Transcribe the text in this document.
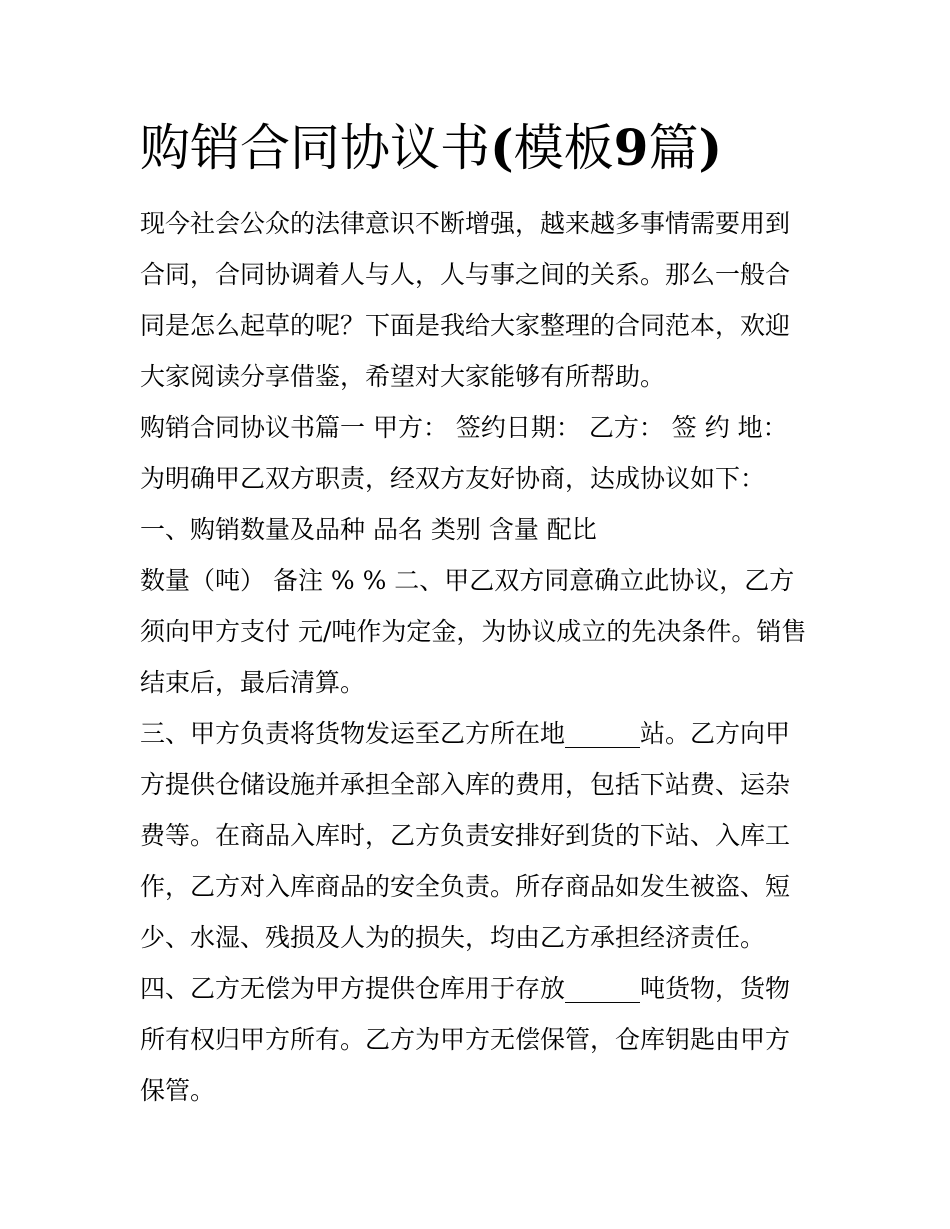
购销合同协议书(模板9篇)

现今社会公众的法律意识不断增强，越来越多事情需要用到合同，合同协调着人与人，人与事之间的关系。那么一般合同是怎么起草的呢？下面是我给大家整理的合同范本，欢迎大家阅读分享借鉴，希望对大家能够有所帮助。

购销合同协议书篇一 甲方： 签约日期： 乙方： 签 约 地： 为明确甲乙双方职责，经双方友好协商，达成协议如下： 一、购销数量及品种 品名 类别 含量 配比

数量（吨） 备注 % % 二、甲乙双方同意确立此协议，乙方须向甲方支付 元/吨作为定金，为协议成立的先决条件。销售结束后，最后清算。

三、甲方负责将货物发运至乙方所在地______站。乙方向甲方提供仓储设施并承担全部入库的费用，包括下站费、运杂费等。在商品入库时，乙方负责安排好到货的下站、入库工作，乙方对入库商品的安全负责。所存商品如发生被盗、短少、水湿、残损及人为的损失，均由乙方承担经济责任。

四、乙方无偿为甲方提供仓库用于存放______吨货物，货物所有权归甲方所有。乙方为甲方无偿保管，仓库钥匙由甲方保管。
